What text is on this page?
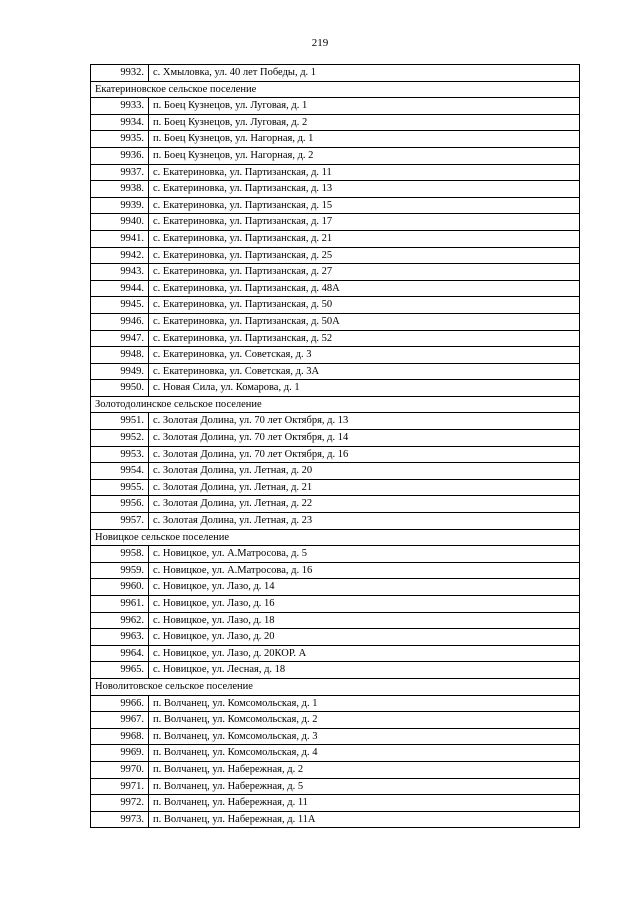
219
9932.	с. Хмыловка, ул. 40 лет Победы, д. 1
Екатериновское сельское поселение	
9933.	п. Боец Кузнецов, ул. Луговая, д. 1
9934.	п. Боец Кузнецов, ул. Луговая, д. 2
9935.	п. Боец Кузнецов, ул. Нагорная, д. 1
9936.	п. Боец Кузнецов, ул. Нагорная, д. 2
9937.	с. Екатериновка, ул. Партизанская, д. 11
9938.	с. Екатериновка, ул. Партизанская, д. 13
9939.	с. Екатериновка, ул. Партизанская, д. 15
9940.	с. Екатериновка, ул. Партизанская, д. 17
9941.	с. Екатериновка, ул. Партизанская, д. 21
9942.	с. Екатериновка, ул. Партизанская, д. 25
9943.	с. Екатериновка, ул. Партизанская, д. 27
9944.	с. Екатериновка, ул. Партизанская, д. 48А
9945.	с. Екатериновка, ул. Партизанская, д. 50
9946.	с. Екатериновка, ул. Партизанская, д. 50А
9947.	с. Екатериновка, ул. Партизанская, д. 52
9948.	с. Екатериновка, ул. Советская, д. 3
9949.	с. Екатериновка, ул. Советская, д. 3А
9950.	с. Новая Сила, ул. Комарова, д. 1
Золотодолинское сельское поселение	
9951.	с. Золотая Долина, ул. 70 лет Октября, д. 13
9952.	с. Золотая Долина, ул. 70 лет Октября, д. 14
9953.	с. Золотая Долина, ул. 70 лет Октября, д. 16
9954.	с. Золотая Долина, ул. Летная, д. 20
9955.	с. Золотая Долина, ул. Летная, д. 21
9956.	с. Золотая Долина, ул. Летная, д. 22
9957.	с. Золотая Долина, ул. Летная, д. 23
Новицкое сельское поселение	
9958.	с. Новицкое, ул. А.Матросова, д. 5
9959.	с. Новицкое, ул. А.Матросова, д. 16
9960.	с. Новицкое, ул. Лазо, д. 14
9961.	с. Новицкое, ул. Лазо, д. 16
9962.	с. Новицкое, ул. Лазо, д. 18
9963.	с. Новицкое, ул. Лазо, д. 20
9964.	с. Новицкое, ул. Лазо, д. 20КОР. А
9965.	с. Новицкое, ул. Лесная, д. 18
Новолитовское сельское поселение	
9966.	п. Волчанец, ул. Комсомольская, д. 1
9967.	п. Волчанец, ул. Комсомольская, д. 2
9968.	п. Волчанец, ул. Комсомольская, д. 3
9969.	п. Волчанец, ул. Комсомольская, д. 4
9970.	п. Волчанец, ул. Набережная, д. 2
9971.	п. Волчанец, ул. Набережная, д. 5
9972.	п. Волчанец, ул. Набережная, д. 11
9973.	п. Волчанец, ул. Набережная, д. 11А
